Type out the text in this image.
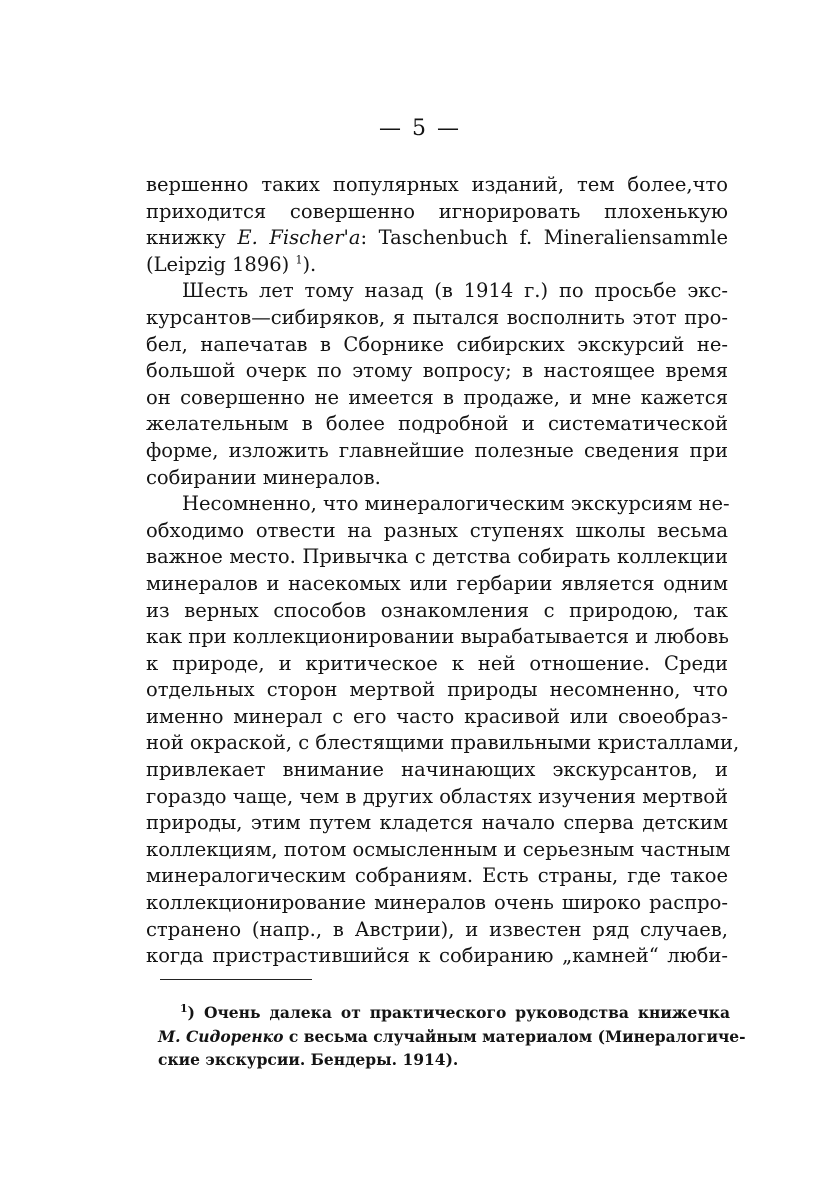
— 5 —

вершенно таких популярных изданий, тем более,что
приходится совершенно игнорировать плохенькую
книжку E. Fischer'a: Taschenbuch f. Mineraliensammle
(Leipzig 1896) $^1$).

Шесть лет тому назад (в 1914 г.) по просьбе экс-
курсантов—сибиряков, я пытался восполнить этот про-
бел, напечатав в Сборнике сибирских экскурсий не-
большой очерк по этому вопросу; в настоящее время
он совершенно не имеется в продаже, и мне кажется
желательным в более подробной и систематической
форме, изложить главнейшие полезные сведения при
собирании минералов.

Несомненно, что минералогическим экскурсиям не-
обходимо отвести на разных ступенях школы весьма
важное место. Привычка с детства собирать коллекции
минералов и насекомых или гербарии является одним
из верных способов ознакомления с природою, так
как при коллекционировании вырабатывается и любовь
к природе, и критическое к ней отношение. Среди
отдельных сторон мертвой природы несомненно, что
именно минерал с его часто красивой или своеобраз-
ной окраской, с блестящими правильными кристаллами,
привлекает внимание начинающих экскурсантов, и
гораздо чаще, чем в других областях изучения мертвой
природы, этим путем кладется начало сперва детским
коллекциям, потом осмысленным и серьезным частным
минералогическим собраниям. Есть страны, где такое
коллекционирование минералов очень широко распро-
странено (напр., в Австрии), и известен ряд случаев,
когда пристрастившийся к собиранию „камней“ люби-

$^1$) Очень далека от практического руководства книжечка
М. Сидоренко с весьма случайным материалом (Минералогиче-
ские экскурсии. Бендеры. 1914).
